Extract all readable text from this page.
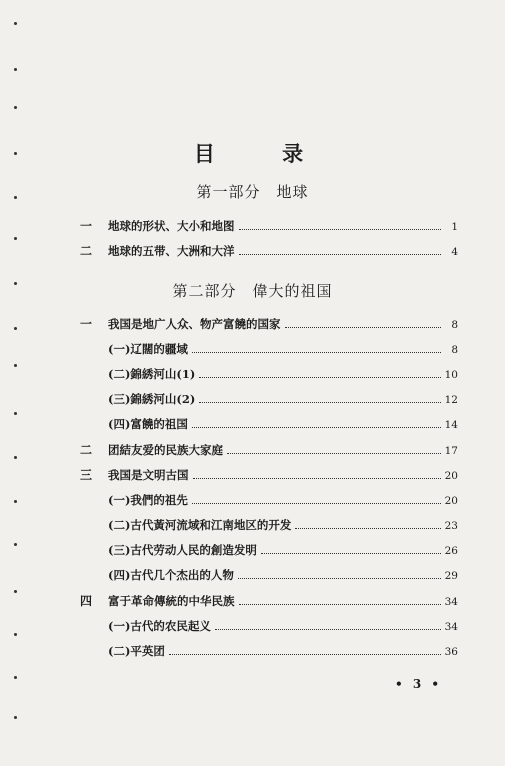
目 录
第一部分　地球
一	地球的形状、大小和地图	1
二	地球的五带、大洲和大洋	4
第二部分　偉大的祖国
一	我国是地广人众、物产富饒的国家	8
(一)辽闊的疆域	8
(二)錦綉河山(1)	10
(三)錦綉河山(2)	12
(四)富饒的祖国	14
二	团結友爱的民族大家庭	17
三	我国是文明古国	20
(一)我們的祖先	20
(二)古代黃河流域和江南地区的开发	23
(三)古代劳动人民的創造发明	26
(四)古代几个杰出的人物	29
四	富于革命傳統的中华民族	34
(一)古代的农民起义	34
(二)平英团	36
• 3 •
